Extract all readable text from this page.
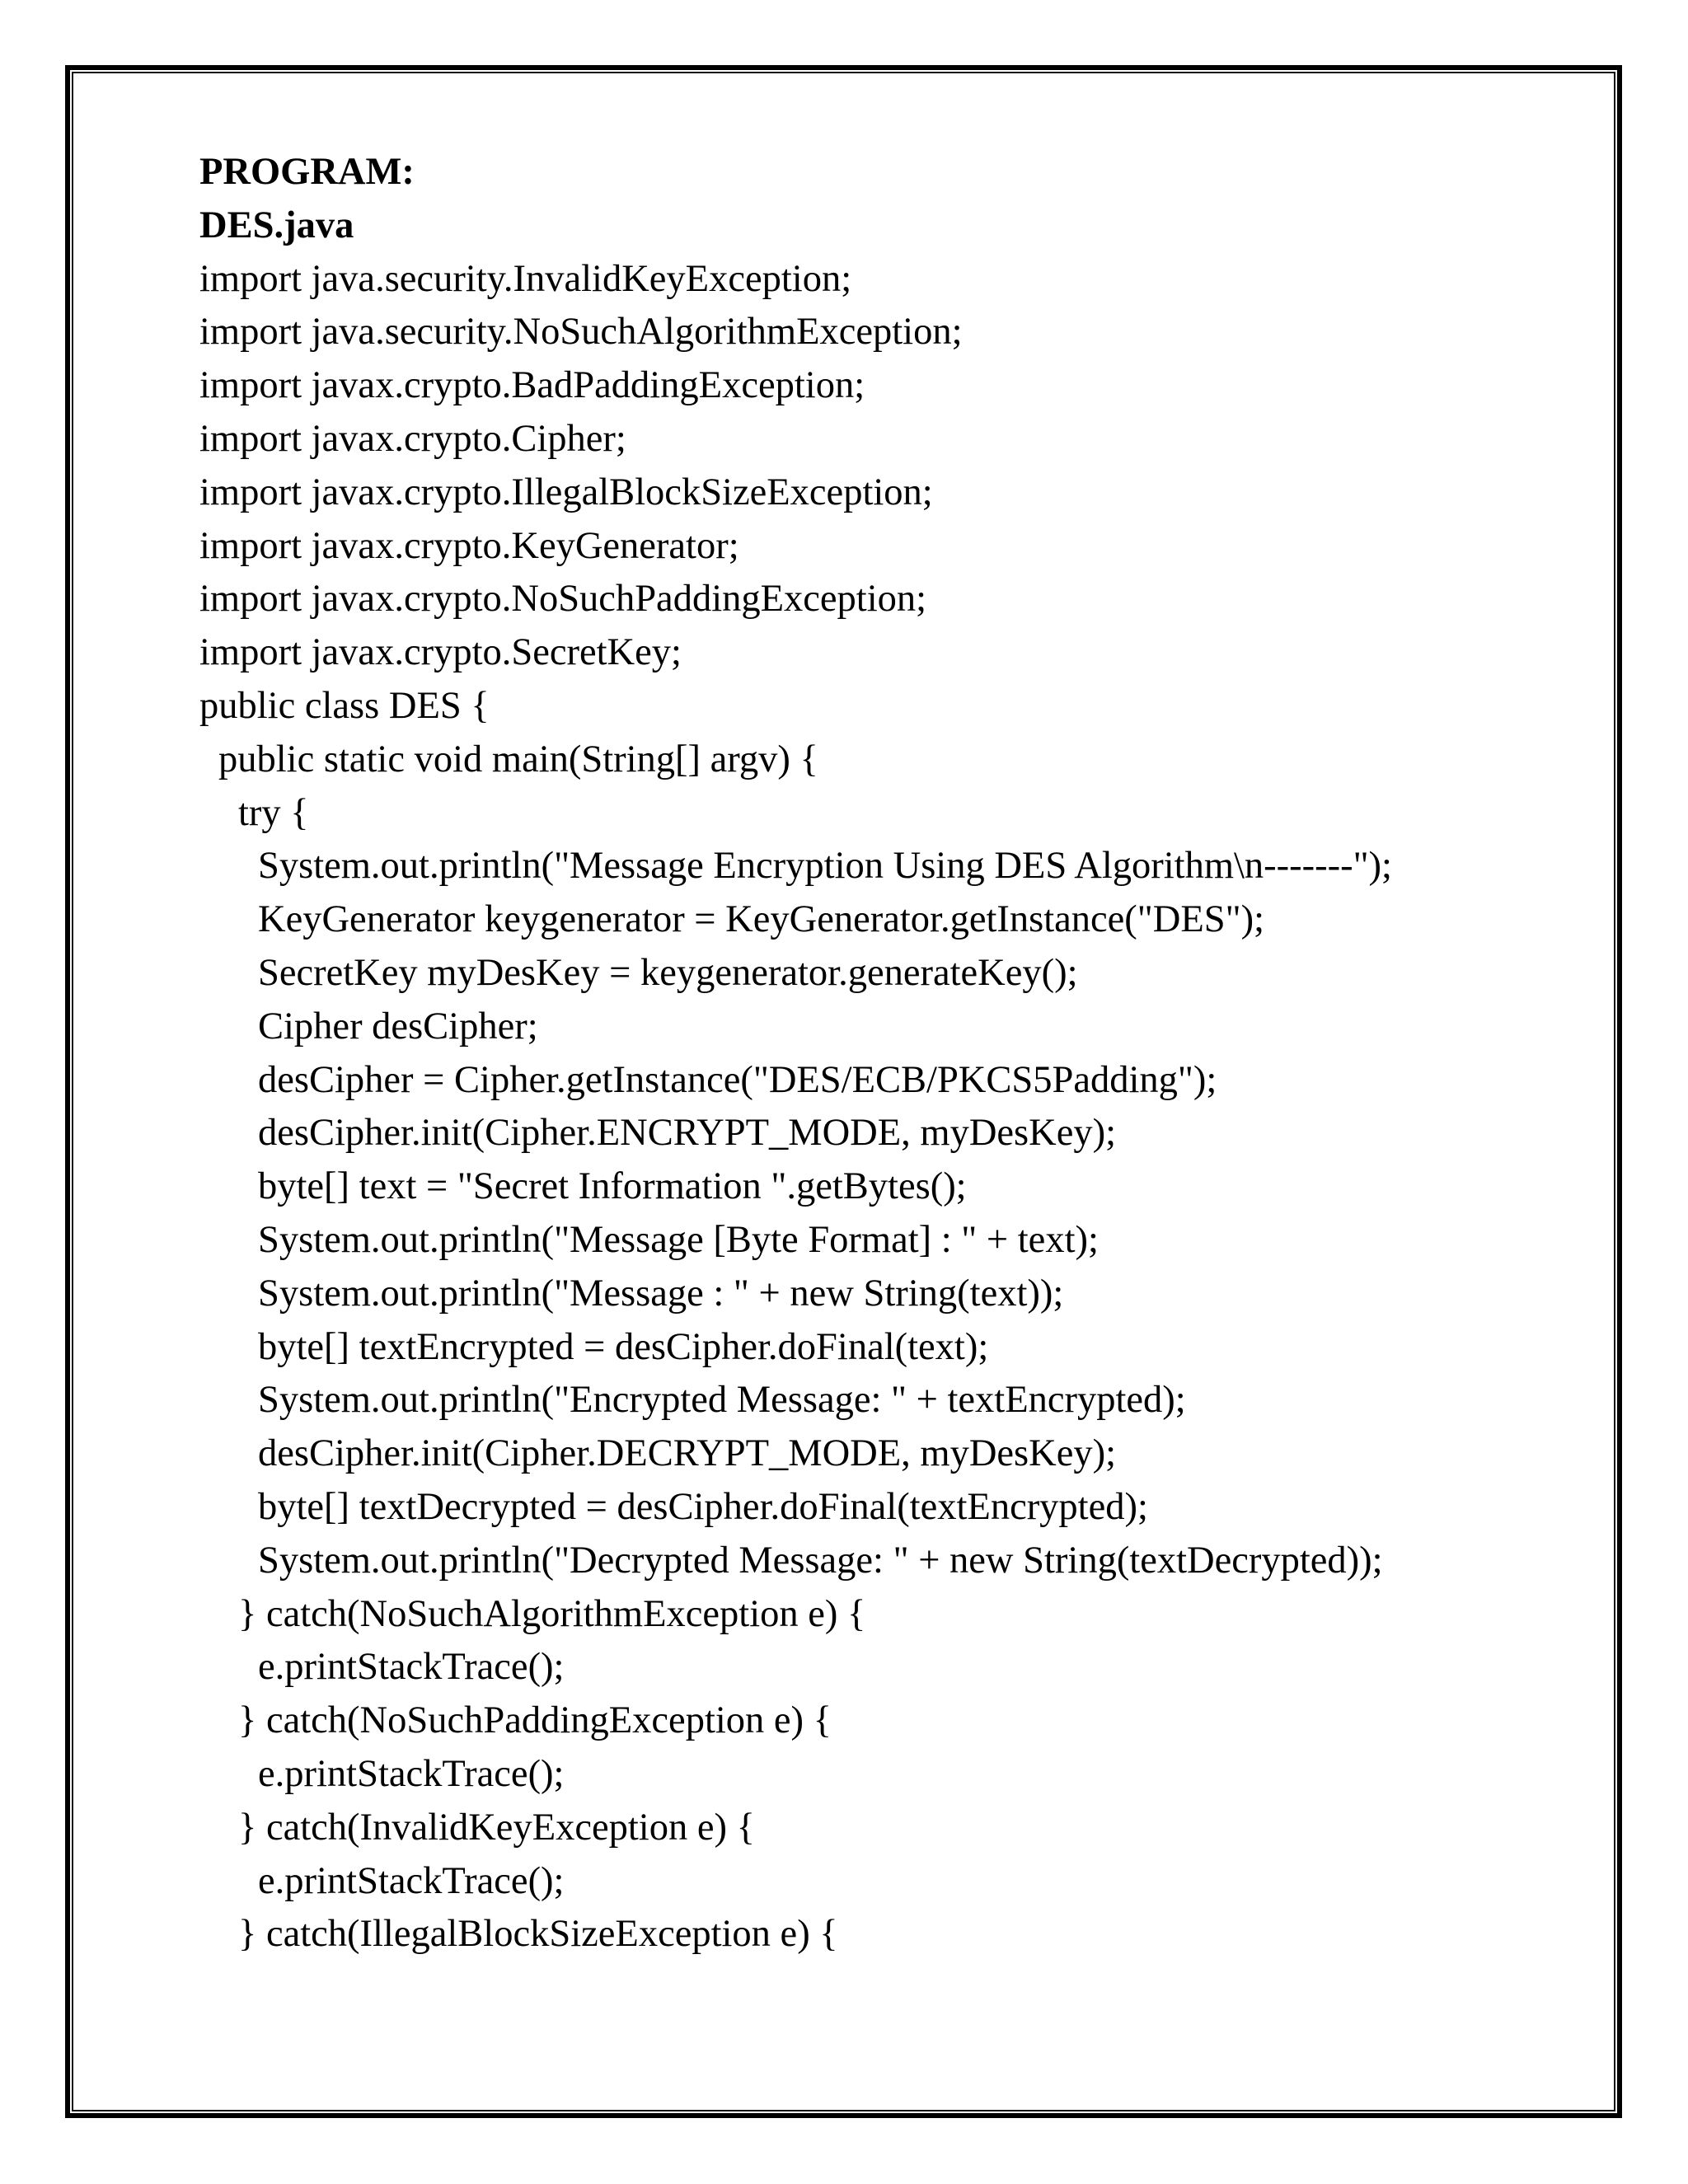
PROGRAM:
DES.java
import java.security.InvalidKeyException;
import java.security.NoSuchAlgorithmException;
import javax.crypto.BadPaddingException;
import javax.crypto.Cipher;
import javax.crypto.IllegalBlockSizeException;
import javax.crypto.KeyGenerator;
import javax.crypto.NoSuchPaddingException;
import javax.crypto.SecretKey;
public class DES {
public static void main(String[] argv) {
try {
System.out.println("Message Encryption Using DES Algorithm\n-------");
KeyGenerator keygenerator = KeyGenerator.getInstance("DES");
SecretKey myDesKey = keygenerator.generateKey();
Cipher desCipher;
desCipher = Cipher.getInstance("DES/ECB/PKCS5Padding");
desCipher.init(Cipher.ENCRYPT_MODE, myDesKey);
byte[] text = "Secret Information ".getBytes();
System.out.println("Message [Byte Format] : " + text);
System.out.println("Message : " + new String(text));
byte[] textEncrypted = desCipher.doFinal(text);
System.out.println("Encrypted Message: " + textEncrypted);
desCipher.init(Cipher.DECRYPT_MODE, myDesKey);
byte[] textDecrypted = desCipher.doFinal(textEncrypted);
System.out.println("Decrypted Message: " + new String(textDecrypted));
} catch(NoSuchAlgorithmException e) {
e.printStackTrace();
} catch(NoSuchPaddingException e) {
e.printStackTrace();
} catch(InvalidKeyException e) {
e.printStackTrace();
} catch(IllegalBlockSizeException e) {
